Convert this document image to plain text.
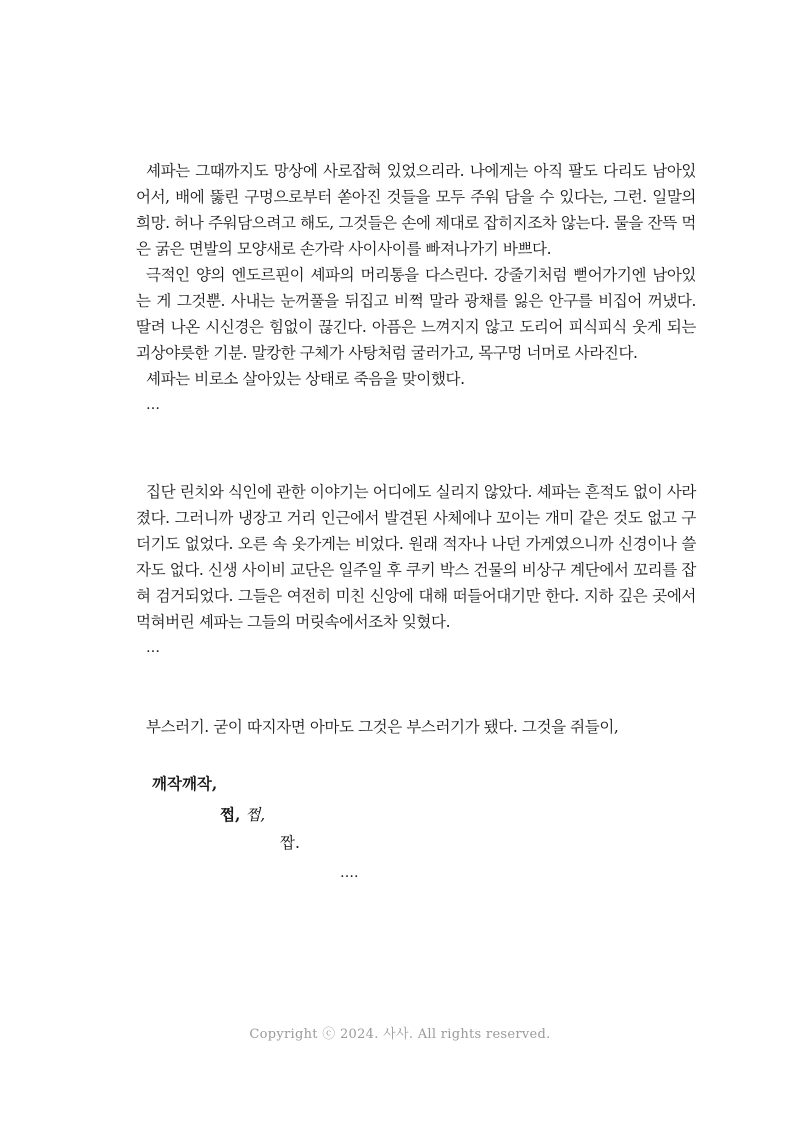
셰파는 그때까지도 망상에 사로잡혀 있었으리라. 나에게는 아직 팔도 다리도 남아있어서, 배에 뚫린 구멍으로부터 쏟아진 것들을 모두 주워 담을 수 있다는, 그런. 일말의 희망. 허나 주워담으려고 해도, 그것들은 손에 제대로 잡히지조차 않는다. 물을 잔뜩 먹은 굵은 면발의 모양새로 손가락 사이사이를 빠져나가기 바쁘다.

극적인 양의 엔도르핀이 셰파의 머리통을 다스린다. 강줄기처럼 뻗어가기엔 남아있는 게 그것뿐. 사내는 눈꺼풀을 뒤집고 비쩍 말라 광채를 잃은 안구를 비집어 꺼냈다. 딸려 나온 시신경은 힘없이 끊긴다. 아픔은 느껴지지 않고 도리어 피식피식 웃게 되는 괴상야릇한 기분. 말캉한 구체가 사탕처럼 굴러가고, 목구멍 너머로 사라진다.

셰파는 비로소 살아있는 상태로 죽음을 맞이했다.

…

집단 린치와 식인에 관한 이야기는 어디에도 실리지 않았다. 셰파는 흔적도 없이 사라졌다. 그러니까 냉장고 거리 인근에서 발견된 사체에나 꼬이는 개미 같은 것도 없고 구더기도 없었다. 오른 속 옷가게는 비었다. 원래 적자나 나던 가게였으니까 신경이나 쓸 자도 없다. 신생 사이비 교단은 일주일 후 쿠키 박스 건물의 비상구 계단에서 꼬리를 잡혀 검거되었다. 그들은 여전히 미친 신앙에 대해 떠들어대기만 한다. 지하 깊은 곳에서 먹혀버린 셰파는 그들의 머릿속에서조차 잊혔다.

…

부스러기. 굳이 따지자면 아마도 그것은 부스러기가 됐다. 그것을 쥐들이,

깨작깨작,
쩝, 쩝,
짭.
….
Copyright ⓒ 2024. 사사. All rights reserved.
